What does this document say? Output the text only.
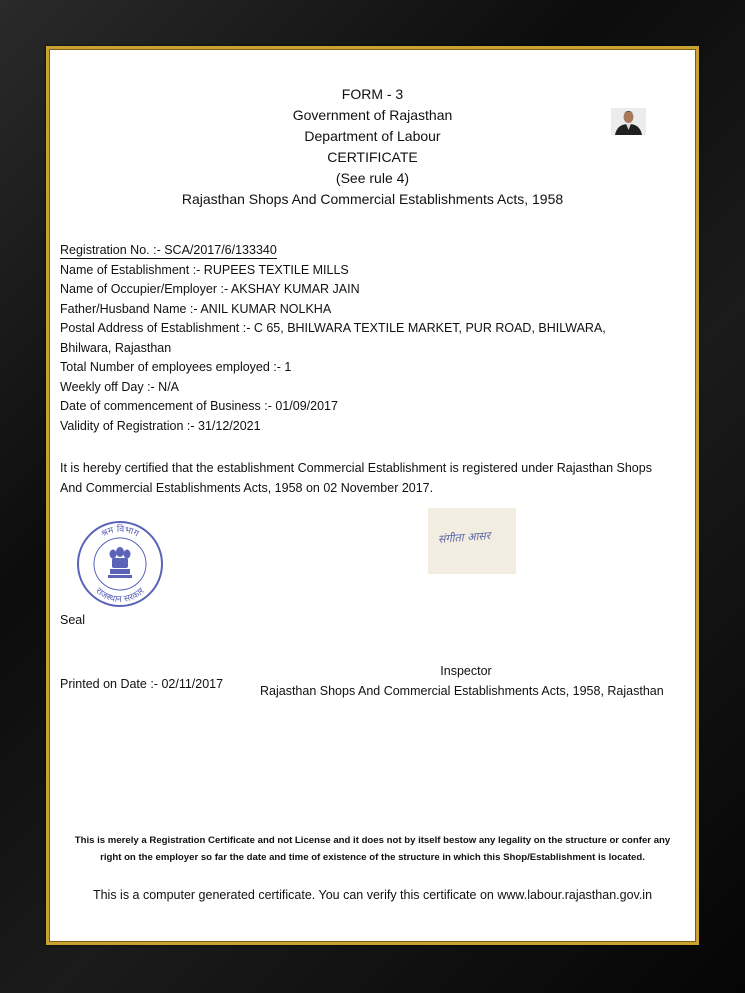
FORM - 3
Government of Rajasthan
Department of Labour
CERTIFICATE
(See rule 4)
Rajasthan Shops And Commercial Establishments Acts, 1958
Registration No. :- SCA/2017/6/133340
Name of Establishment :- RUPEES TEXTILE MILLS
Name of Occupier/Employer :- AKSHAY KUMAR JAIN
Father/Husband Name :- ANIL KUMAR NOLKHA
Postal Address of Establishment :- C 65, BHILWARA TEXTILE MARKET, PUR ROAD, BHILWARA,
Bhilwara, Rajasthan
Total Number of employees employed :- 1
Weekly off Day :- N/A
Date of commencement of Business :- 01/09/2017
Validity of Registration :- 31/12/2021
It is hereby certified that the establishment Commercial Establishment is registered under Rajasthan Shops
And Commercial Establishments Acts, 1958 on 02 November 2017.
श्रम विभाग
राजस्थान सरकार
संगीता आसर
Seal
Printed on Date :- 02/11/2017
Inspector
Rajasthan Shops And Commercial Establishments Acts, 1958, Rajasthan
This is merely a Registration Certificate and not License and it does not by itself bestow any legality on the structure or confer any
right on the employer so far the date and time of existence of the structure in which this Shop/Establishment is located.
This is a computer generated certificate. You can verify this certificate on www.labour.rajasthan.gov.in
